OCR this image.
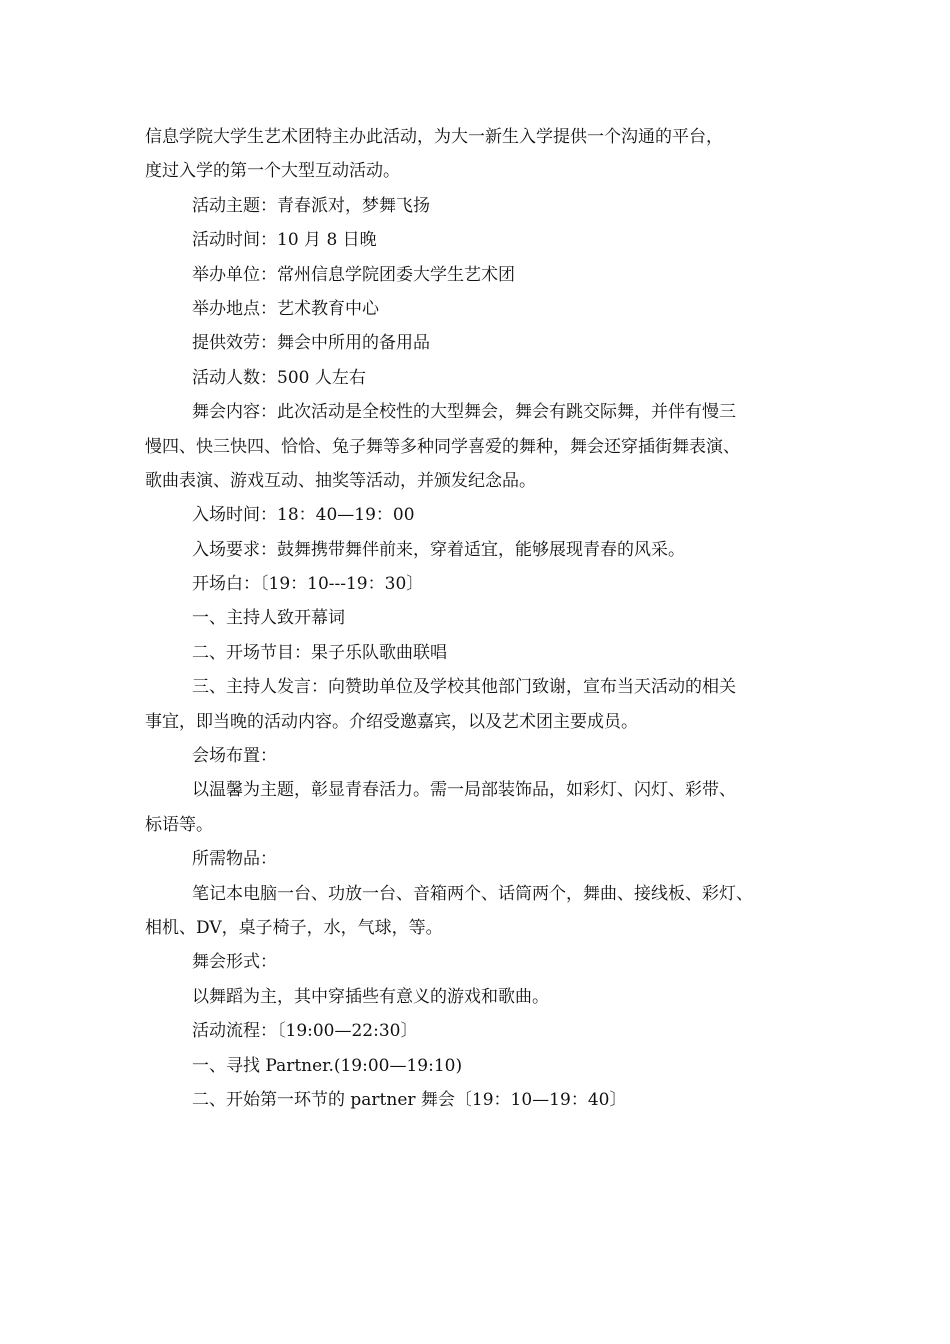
信息学院大学生艺术团特主办此活动，为大一新生入学提供一个沟通的平台，
度过入学的第一个大型互动活动。
活动主题：青春派对，梦舞飞扬
活动时间：10 月 8 日晚
举办单位：常州信息学院团委大学生艺术团
举办地点：艺术教育中心
提供效劳：舞会中所用的备用品
活动人数：500 人左右
舞会内容：此次活动是全校性的大型舞会，舞会有跳交际舞，并伴有慢三
慢四、快三快四、恰恰、兔子舞等多种同学喜爱的舞种，舞会还穿插街舞表演、
歌曲表演、游戏互动、抽奖等活动，并颁发纪念品。
入场时间：18：40—19：00
入场要求：鼓舞携带舞伴前来，穿着适宜，能够展现青春的风采。
开场白：〔19：10---19：30〕
一、主持人致开幕词
二、开场节目：果子乐队歌曲联唱
三、主持人发言：向赞助单位及学校其他部门致谢，宣布当天活动的相关
事宜，即当晚的活动内容。介绍受邀嘉宾，以及艺术团主要成员。
会场布置：
以温馨为主题，彰显青春活力。需一局部装饰品，如彩灯、闪灯、彩带、
标语等。
所需物品：
笔记本电脑一台、功放一台、音箱两个、话筒两个，舞曲、接线板、彩灯、
相机、DV，桌子椅子，水，气球，等。
舞会形式：
以舞蹈为主，其中穿插些有意义的游戏和歌曲。
活动流程：〔19:00—22:30〕
一、寻找 Partner.(19:00—19:10)
二、开始第一环节的 partner 舞会〔19：10—19：40〕
